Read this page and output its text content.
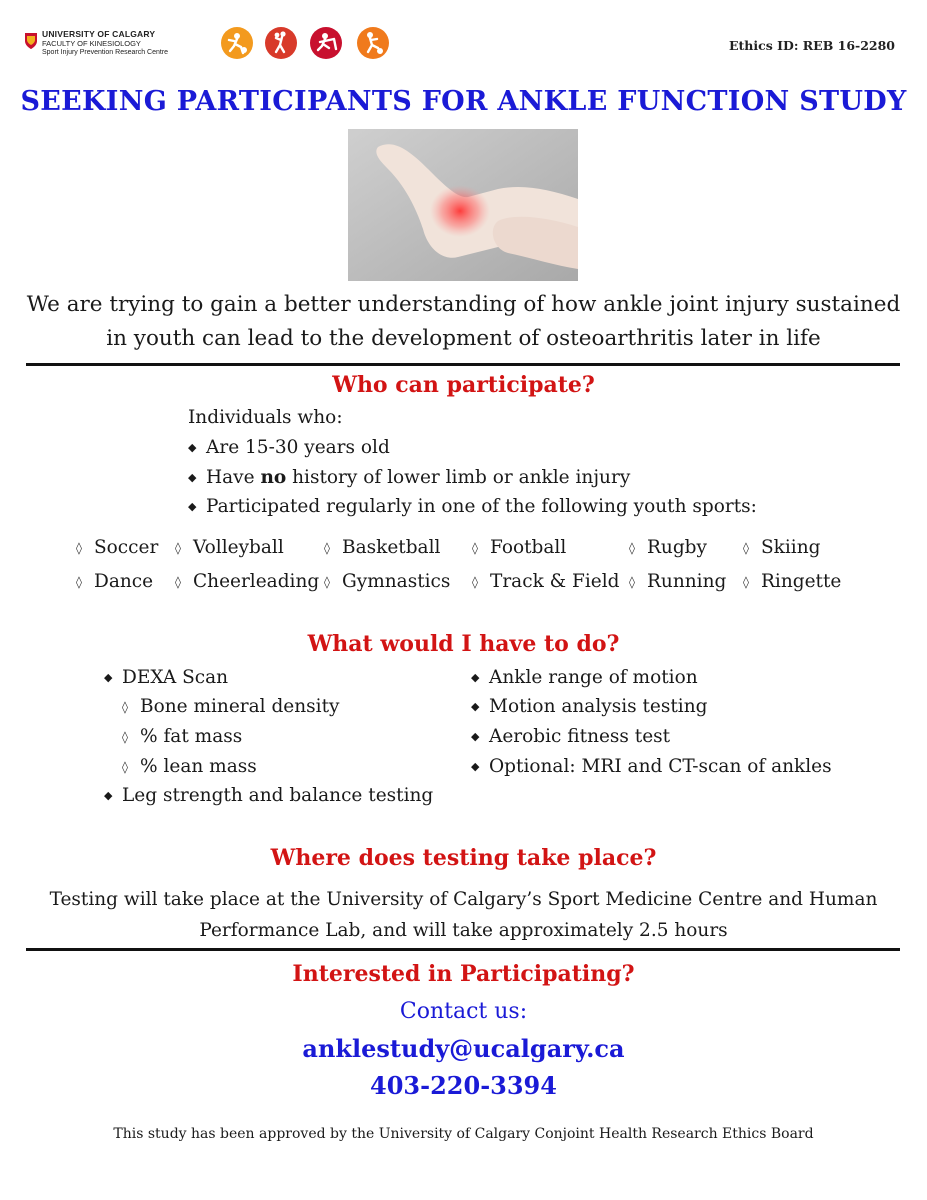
UNIVERSITY OF CALGARY
FACULTY OF KINESIOLOGY
Sport Injury Prevention Research Centre	Ethics ID: REB 16-2280
SEEKING PARTICIPANTS FOR ANKLE FUNCTION STUDY
We are trying to gain a better understanding of how ankle joint injury sustained
in youth can lead to the development of osteoarthritis later in life
Who can participate?
Individuals who:
◆ Are 15-30 years old
◆ Have no history of lower limb or ankle injury
◆ Participated regularly in one of the following youth sports:
◊ Soccer ◊ Volleyball	◊ Basketball	◊ Football	◊ Rugby	◊ Skiing
◊ Dance ◊ Cheerleading ◊ Gymnastics ◊ Track & Field ◊ Running ◊ Ringette
What would I have to do?
◆ DEXA Scan
◊ Bone mineral density
◊ % fat mass
◊ % lean mass
◆ Leg strength and balance testing
◆ Ankle range of motion
◆ Motion analysis testing
◆ Aerobic fitness test
◆ Optional: MRI and CT-scan of ankles
Where does testing take place?
Testing will take place at the University of Calgary’s Sport Medicine Centre and Human
Performance Lab, and will take approximately 2.5 hours
Interested in Participating?
Contact us:
anklestudy@ucalgary.ca
403-220-3394
This study has been approved by the University of Calgary Conjoint Health Research Ethics Board
